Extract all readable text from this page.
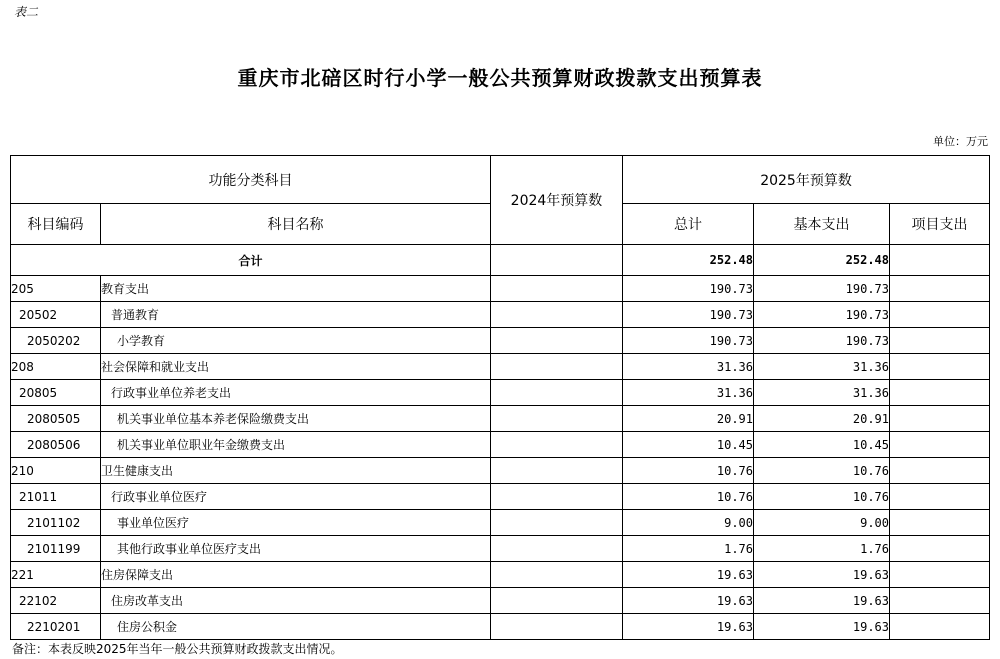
表二
重庆市北碚区时行小学一般公共预算财政拨款支出预算表
单位：万元
功能分类科目		2024年预算数	2025年预算数		
科目编码	科目名称		总计	基本支出	项目支出
合计			252.48	252.48	
205	教育支出		190.73	190.73	
20502	普通教育		190.73	190.73	
2050202	小学教育		190.73	190.73	
208	社会保障和就业支出		31.36	31.36	
20805	行政事业单位养老支出		31.36	31.36	
2080505	机关事业单位基本养老保险缴费支出		20.91	20.91	
2080506	机关事业单位职业年金缴费支出		10.45	10.45	
210	卫生健康支出		10.76	10.76	
21011	行政事业单位医疗		10.76	10.76	
2101102	事业单位医疗		9.00	9.00	
2101199	其他行政事业单位医疗支出		1.76	1.76	
221	住房保障支出		19.63	19.63	
22102	住房改革支出		19.63	19.63	
2210201	住房公积金		19.63	19.63	
备注：本表反映2025年当年一般公共预算财政拨款支出情况。
